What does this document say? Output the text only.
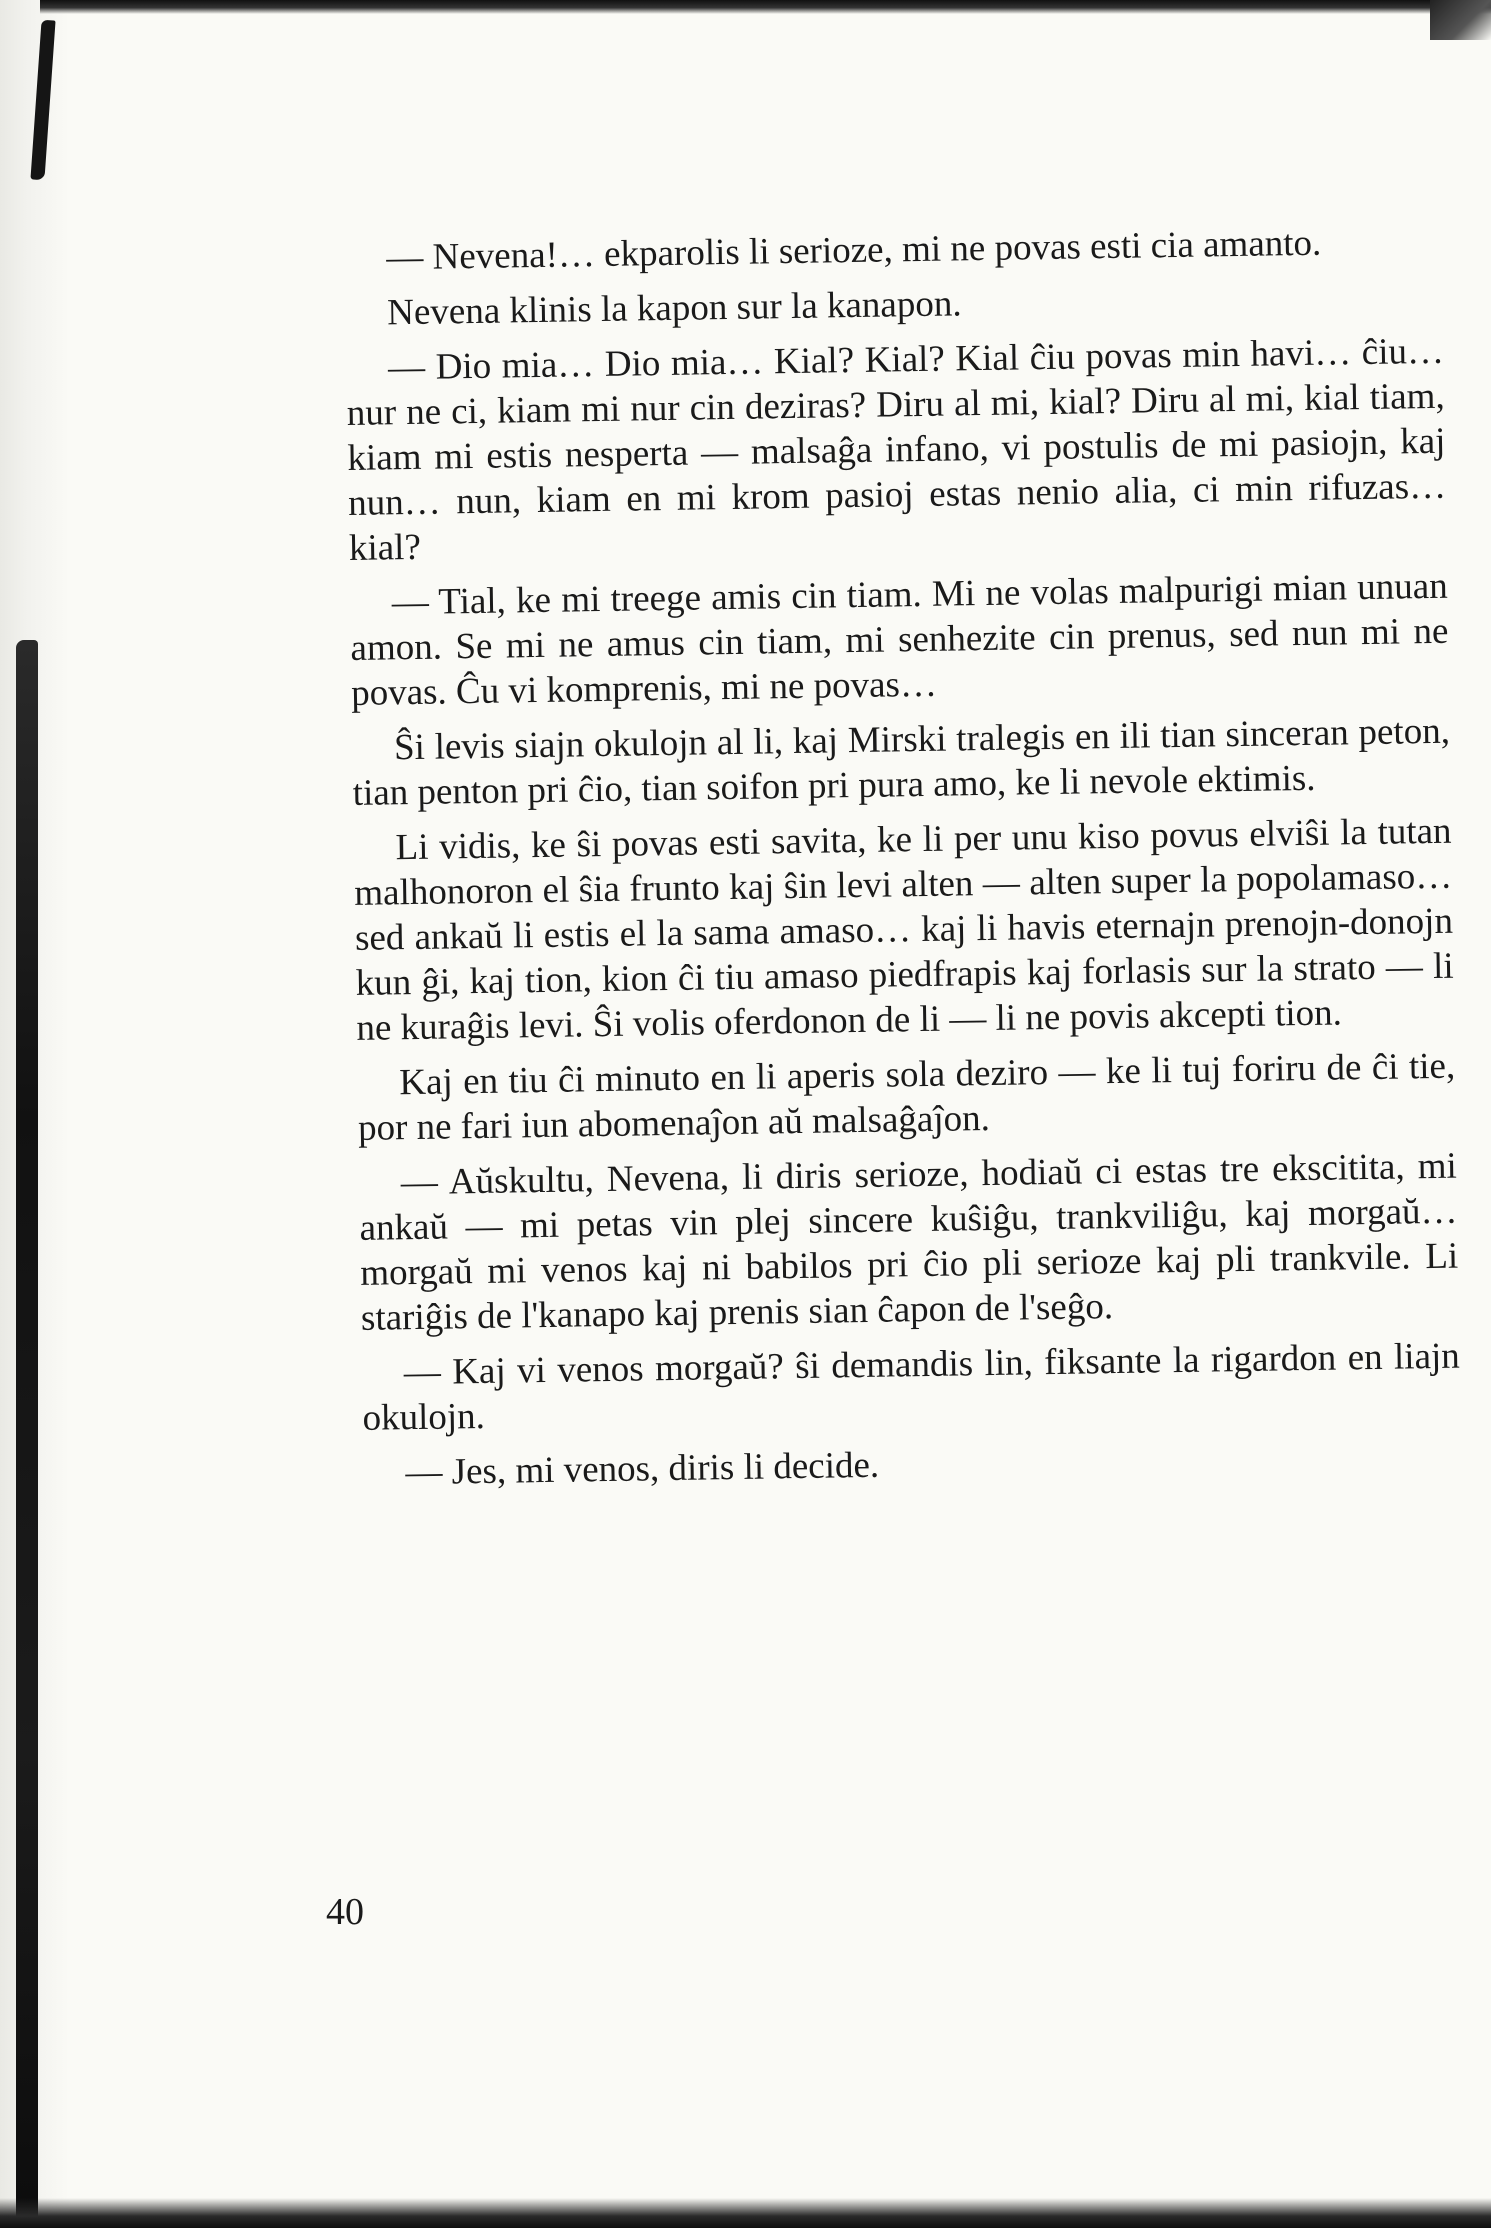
— Nevena!… ekparolis li serioze, mi ne povas esti cia amanto.

Nevena klinis la kapon sur la kanapon.

— Dio mia… Dio mia… Kial? Kial? Kial ĉiu povas min havi… ĉiu… nur ne ci, kiam mi nur cin deziras? Diru al mi, kial? Diru al mi, kial tiam, kiam mi estis nesperta — malsaĝa infano, vi postulis de mi pasiojn, kaj nun… nun, kiam en mi krom pasioj estas nenio alia, ci min rifuzas… kial?

— Tial, ke mi treege amis cin tiam. Mi ne volas malpurigi mian unuan amon. Se mi ne amus cin tiam, mi senhezite cin prenus, sed nun mi ne povas. Ĉu vi komprenis, mi ne povas…

Ŝi levis siajn okulojn al li, kaj Mirski tralegis en ili tian sinceran peton, tian penton pri ĉio, tian soifon pri pura amo, ke li nevole ektimis.

Li vidis, ke ŝi povas esti savita, ke li per unu kiso povus elviŝi la tutan malhonoron el ŝia frunto kaj ŝin levi alten — alten super la popolamaso… sed ankaŭ li estis el la sama amaso… kaj li havis eternajn prenojn-donojn kun ĝi, kaj tion, kion ĉi tiu amaso piedfrapis kaj forlasis sur la strato — li ne kuraĝis levi. Ŝi volis oferdonon de li — li ne povis akcepti tion.

Kaj en tiu ĉi minuto en li aperis sola deziro — ke li tuj foriru de ĉi tie, por ne fari iun abomenaĵon aŭ malsaĝaĵon.

— Aŭskultu, Nevena, li diris serioze, hodiaŭ ci estas tre ekscitita, mi ankaŭ — mi petas vin plej sincere kuŝiĝu, trankviliĝu, kaj morgaŭ… morgaŭ mi venos kaj ni babilos pri ĉio pli serioze kaj pli trankvile. Li stariĝis de l'kanapo kaj prenis sian ĉapon de l'seĝo.

— Kaj vi venos morgaŭ? ŝi demandis lin, fiksante la rigardon en liajn okulojn.

— Jes, mi venos, diris li decide.

40
